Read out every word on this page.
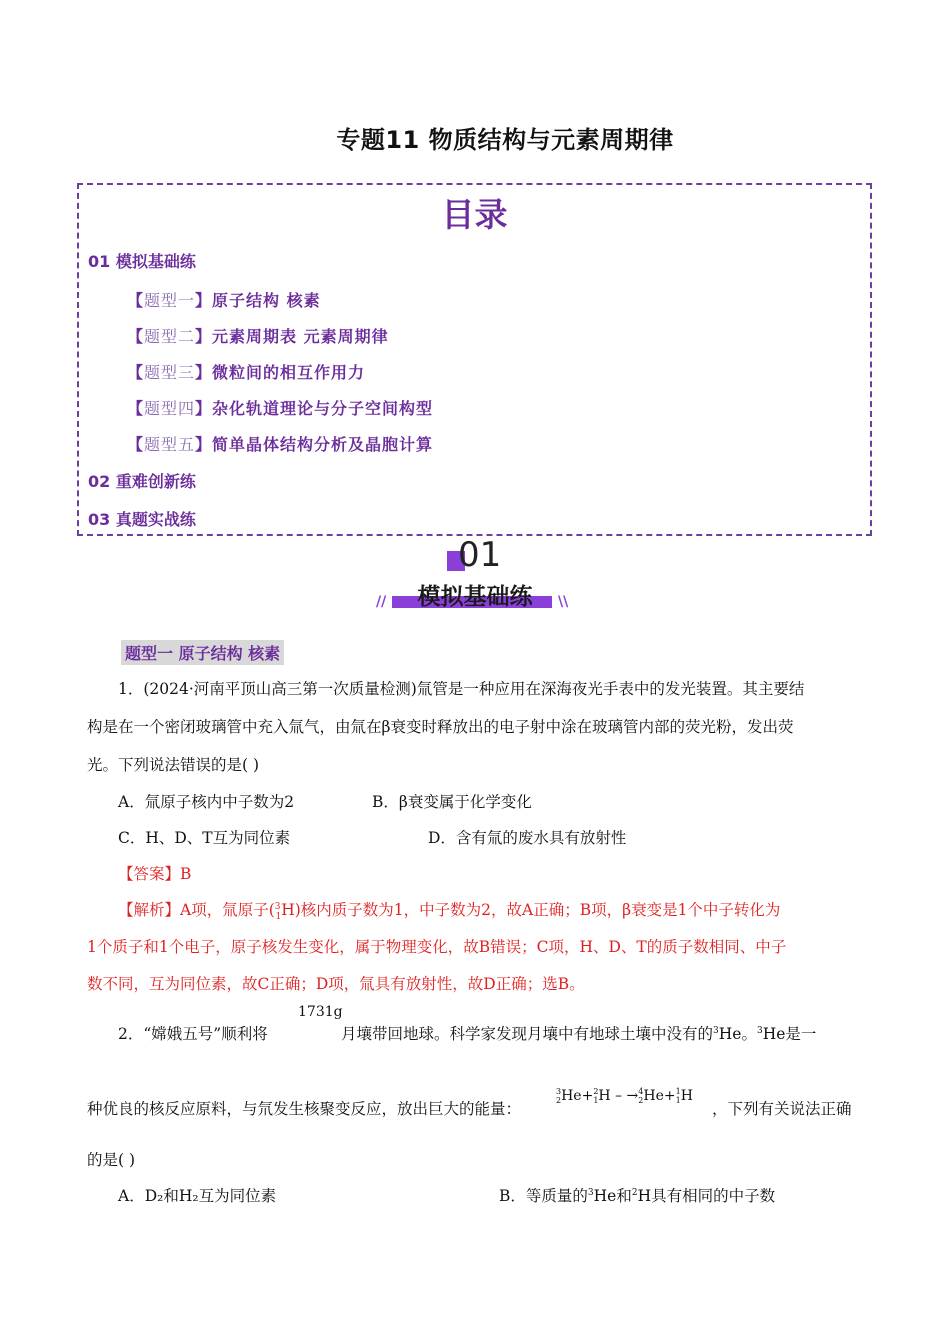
专题11 物质结构与元素周期律
目录
01 模拟基础练
【题型一】原子结构 核素
【题型二】元素周期表 元素周期律
【题型三】微粒间的相互作用力
【题型四】杂化轨道理论与分子空间构型
【题型五】简单晶体结构分析及晶胞计算
02 重难创新练
03 真题实战练
01
//	\\
模拟基础练
题型一 原子结构 核素
1．(2024·河南平顶山高三第一次质量检测)氚管是一种应用在深海夜光手表中的发光装置。其主要结
构是在一个密闭玻璃管中充入氚气，由氚在β衰变时释放出的电子射中涂在玻璃管内部的荧光粉，发出荧
光。下列说法错误的是( )
A．氚原子核内中子数为2	B．β衰变属于化学变化
C．H、D、T互为同位素	D．含有氚的废水具有放射性
【答案】B
【解析】A项，氚原子($^3_1$H)核内质子数为1，中子数为2，故A正确；B项，β衰变是1个中子转化为
1个质子和1个电子，原子核发生变化，属于物理变化，故B错误；C项，H、D、T的质子数相同、中子
数不同，互为同位素，故C正确；D项，氚具有放射性，故D正确；选B。
1731g
2．“嫦娥五号”顺利将	月壤带回地球。科学家发现月壤中有地球土壤中没有的$^3$He。$^3$He是一
种优良的核反应原料，与氘发生核聚变反应，放出巨大的能量：
3
2He+2
1H – →4
2He+1
1H
，下列有关说法正确
的是( )
A．D₂和H₂互为同位素	B．等质量的$^3$He和$^2$H具有相同的中子数
